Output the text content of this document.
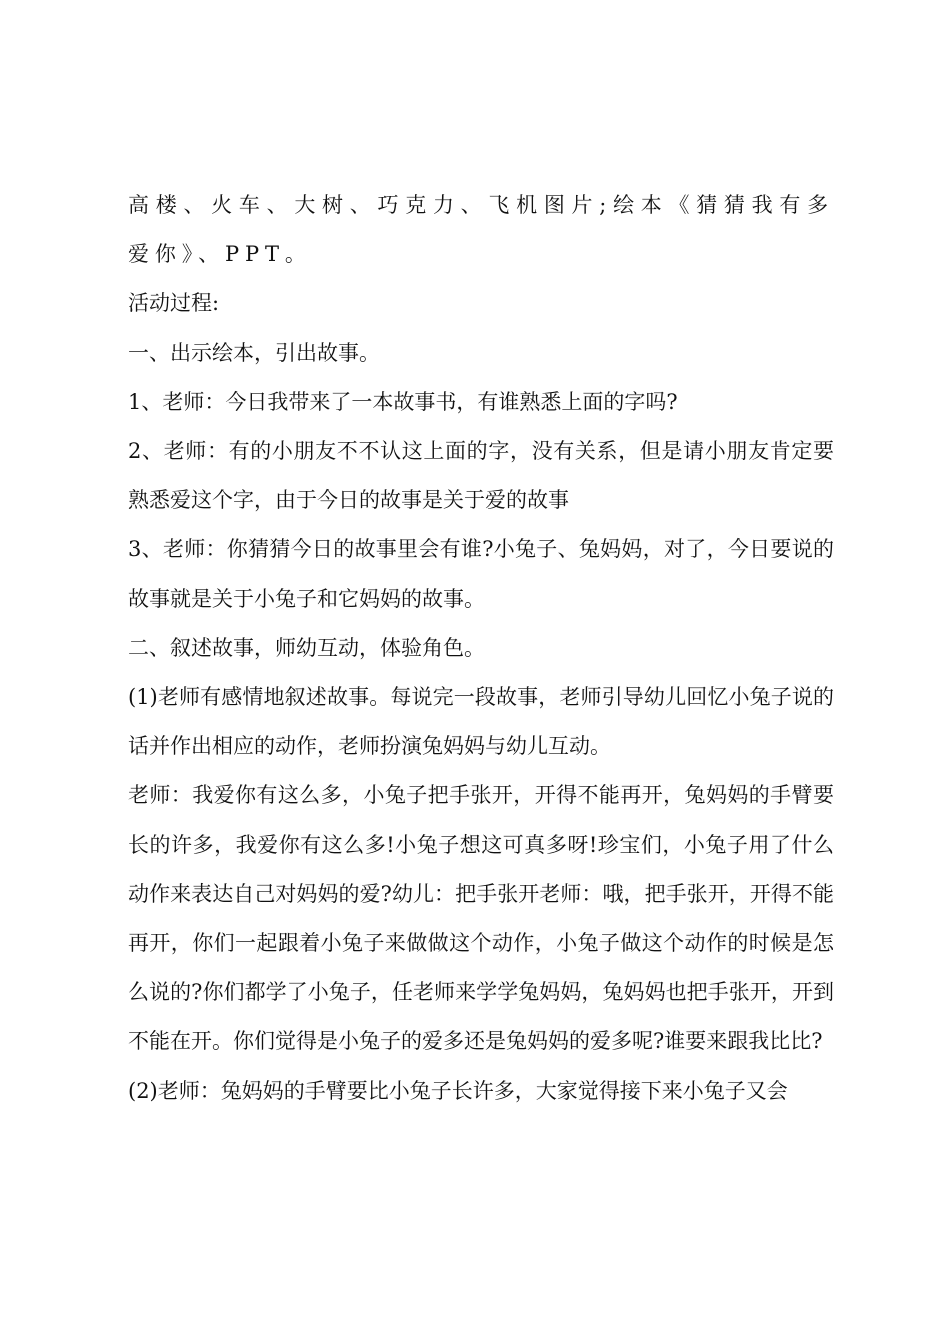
高楼、火车、大树、巧克力、飞机图片;绘本《猜猜我有多爱你》、PPT。

活动过程:

一、出示绘本，引出故事。

1、老师：今日我带来了一本故事书，有谁熟悉上面的字吗?

2、老师：有的小朋友不不认这上面的字，没有关系，但是请小朋友肯定要熟悉爱这个字，由于今日的故事是关于爱的故事

3、老师：你猜猜今日的故事里会有谁?小兔子、兔妈妈，对了，今日要说的故事就是关于小兔子和它妈妈的故事。

二、叙述故事，师幼互动，体验角色。

(1)老师有感情地叙述故事。每说完一段故事，老师引导幼儿回忆小兔子说的话并作出相应的动作，老师扮演兔妈妈与幼儿互动。

老师：我爱你有这么多，小兔子把手张开，开得不能再开，兔妈妈的手臂要长的许多，我爱你有这么多!小兔子想这可真多呀!珍宝们，小兔子用了什么动作来表达自己对妈妈的爱?幼儿：把手张开老师：哦，把手张开，开得不能再开，你们一起跟着小兔子来做做这个动作，小兔子做这个动作的时候是怎么说的?你们都学了小兔子，任老师来学学兔妈妈，兔妈妈也把手张开，开到不能在开。你们觉得是小兔子的爱多还是兔妈妈的爱多呢?谁要来跟我比比?

(2)老师：兔妈妈的手臂要比小兔子长许多，大家觉得接下来小兔子又会
